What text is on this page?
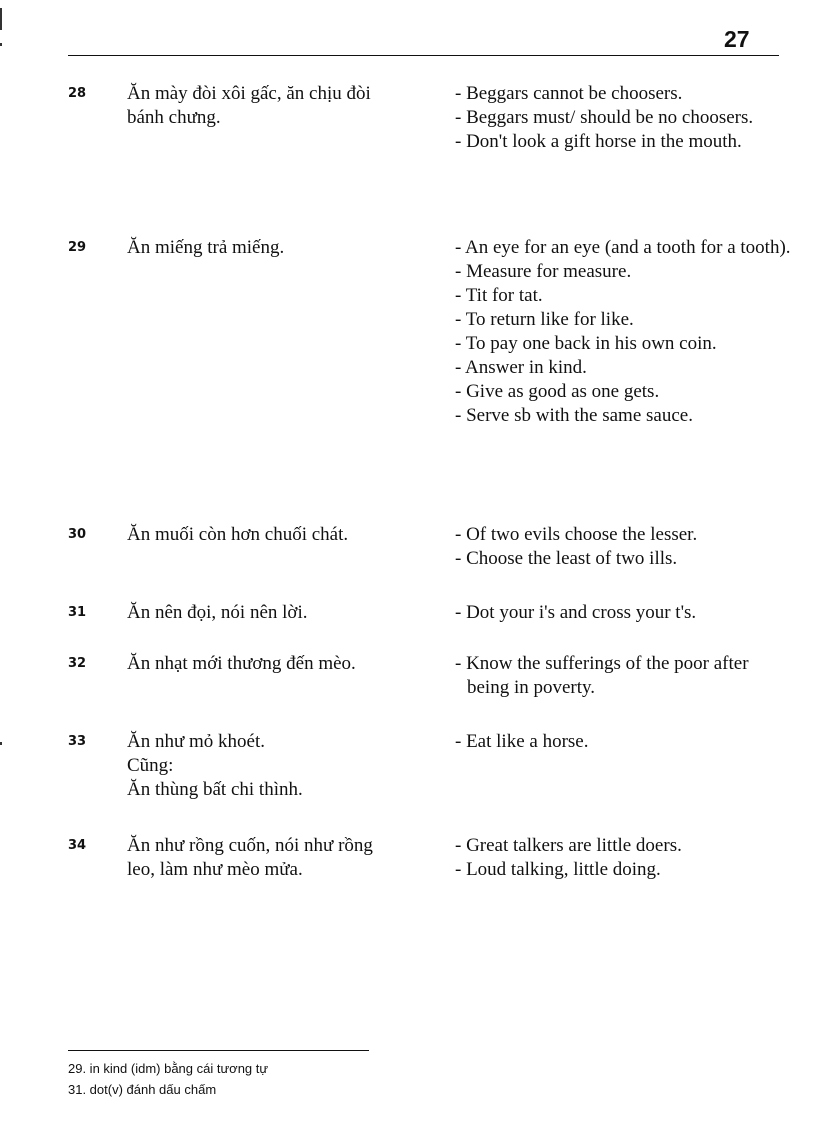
27
28 Ăn mày đòi xôi gấc, ăn chịu đòi
bánh chưng.
- Beggars cannot be choosers.
- Beggars must/ should be no choosers.
- Don't look a gift horse in the mouth.
29 Ăn miếng trả miếng.	- An eye for an eye (and a tooth for a tooth).
- Measure for measure.
- Tit for tat.
- To return like for like.
- To pay one back in his own coin.
- Answer in kind.
- Give as good as one gets.
- Serve sb with the same sauce.
30 Ăn muối còn hơn chuối chát.	- Of two evils choose the lesser.
- Choose the least of two ills.
31 Ăn nên đọi, nói nên lời.	- Dot your i's and cross your t's.
32 Ăn nhạt mới thương đến mèo.	- Know the sufferings of the poor after being in poverty.
33 Ăn như mỏ khoét.
Cũng:
Ăn thùng bất chi thình.
- Eat like a horse.
34 Ăn như rồng cuốn, nói như rồng
leo, làm như mèo mửa.
- Great talkers are little doers.
- Loud talking, little doing.
29. in kind (idm) bằng cái tương tự
31. dot(v) đánh dấu chấm
